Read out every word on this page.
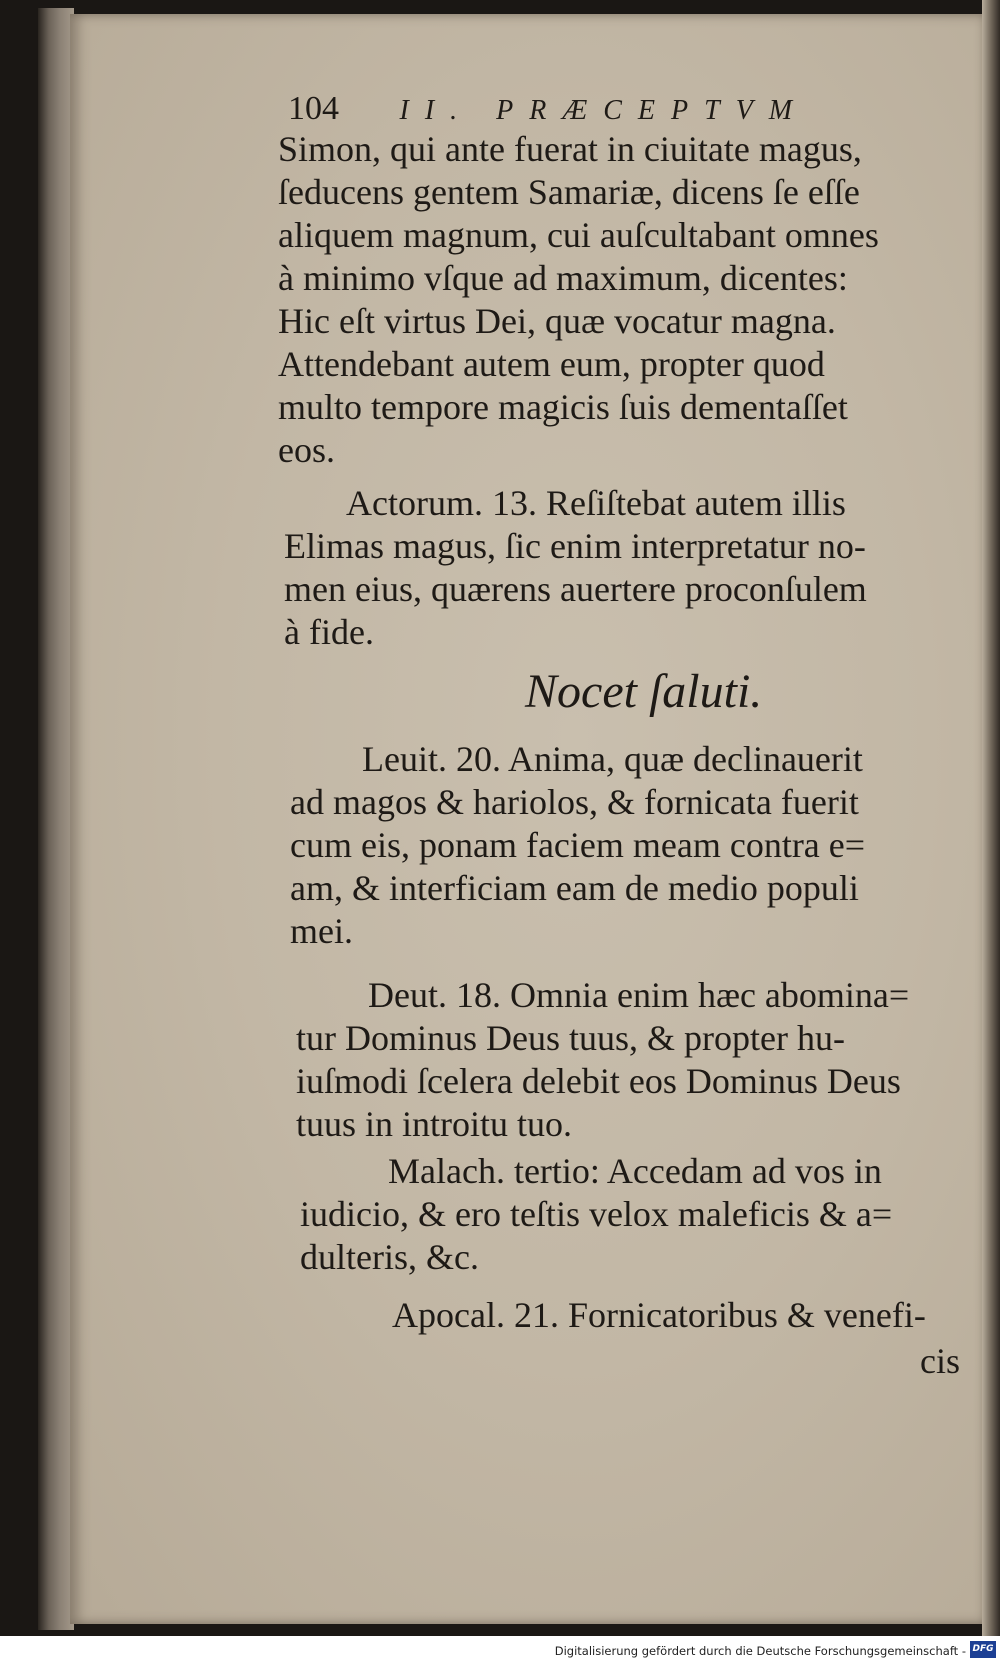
104 II. PRÆCEPTVM
Simon, qui ante fuerat in ciuitate magus,
ſeducens gentem Samariæ, dicens ſe eſſe
aliquem magnum, cui auſcultabant omnes
à minimo vſque ad maximum, dicentes:
Hic eſt virtus Dei, quæ vocatur magna.
Attendebant autem eum, propter quod
multo tempore magicis ſuis dementaſſet
eos.
Actorum. 13. Reſiſtebat autem illis
Elimas magus, ſic enim interpretatur no-
men eius, quærens auertere proconſulem
à fide.
Nocet ſaluti.
Leuit. 20. Anima, quæ declinauerit
ad magos & hariolos, & fornicata fuerit
cum eis, ponam faciem meam contra e=
am, & interficiam eam de medio populi
mei.
Deut. 18. Omnia enim hæc abomina=
tur Dominus Deus tuus, & propter hu-
iuſmodi ſcelera delebit eos Dominus Deus
tuus in introitu tuo.
Malach. tertio: Accedam ad vos in
iudicio, & ero teſtis velox maleficis & a=
dulteris, &c.
Apocal. 21. Fornicatoribus & venefi-
cis
Digitalisierung gefördert durch die Deutsche Forschungsgemeinschaft - DFG
